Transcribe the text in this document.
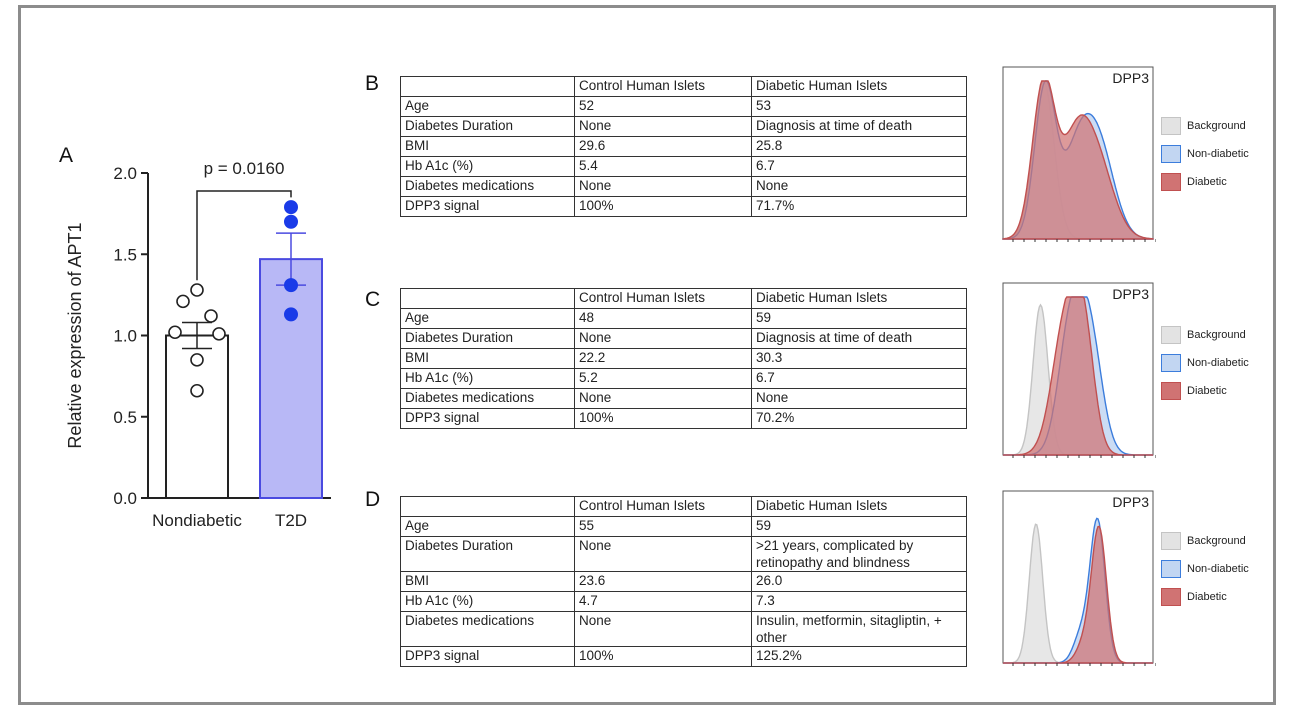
A
0.0
0.5
1.0
1.5
2.0
Relative expression of APT1
Nondiabetic T2D
p = 0.0160
B
		Control Human Islets	Diabetic Human Islets
Age	52	53
Diabetes Duration	None	Diagnosis at time of death
BMI	29.6	25.8
Hb A1c (%)	5.4	6.7
Diabetes medications	None	None
DPP3 signal	100%	71.7%
DPP3
Background
Non-diabetic
Diabetic
C
		Control Human Islets	Diabetic Human Islets
Age	48	59
Diabetes Duration	None	Diagnosis at time of death
BMI	22.2	30.3
Hb A1c (%)	5.2	6.7
Diabetes medications	None	None
DPP3 signal	100%	70.2%
DPP3
Background
Non-diabetic
Diabetic
D
		Control Human Islets	Diabetic Human Islets
Age	55	59
Diabetes Duration	None	>21 years, complicated by retinopathy and blindness
BMI	23.6	26.0
Hb A1c (%)	4.7	7.3
Diabetes medications	None	Insulin, metformin, sitagliptin, + other
DPP3 signal	100%	125.2%
DPP3
Background
Non-diabetic
Diabetic
